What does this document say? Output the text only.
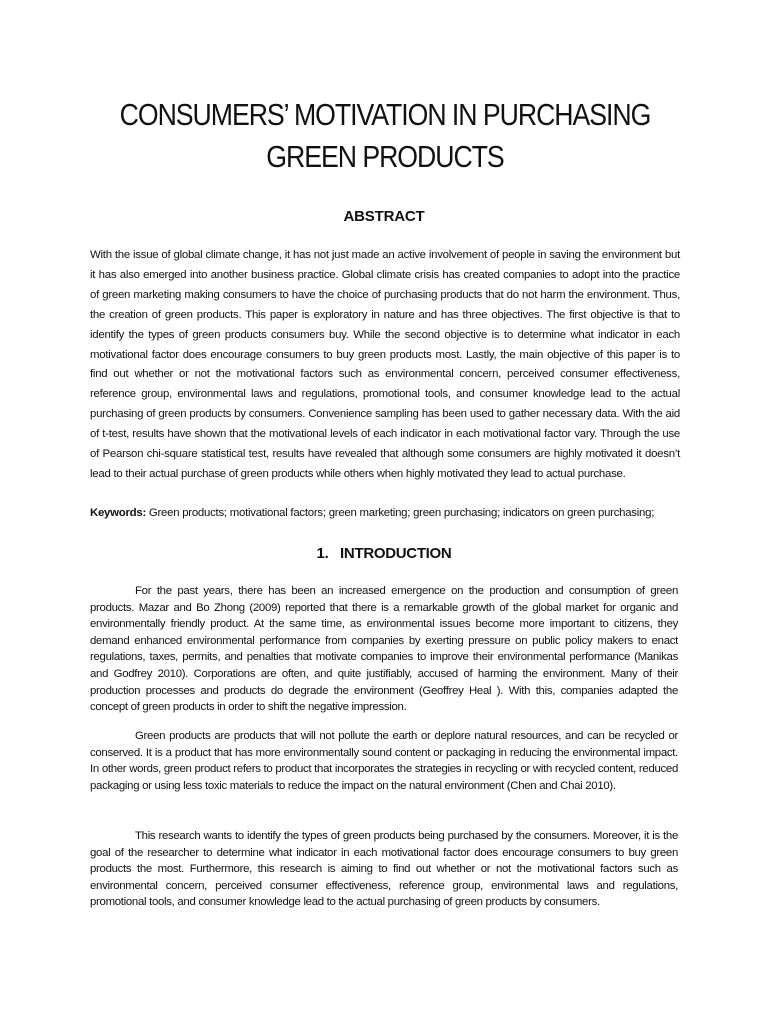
CONSUMERS’ MOTIVATION IN PURCHASING GREEN PRODUCTS
ABSTRACT
With the issue of global climate change, it has not just made an active involvement of people in saving the environment but it has also emerged into another business practice. Global climate crisis has created companies to adopt into the practice of green marketing making consumers to have the choice of purchasing products that do not harm the environment. Thus, the creation of green products. This paper is exploratory in nature and has three objectives. The first objective is that to identify the types of green products consumers buy. While the second objective is to determine what indicator in each motivational factor does encourage consumers to buy green products most. Lastly, the main objective of this paper is to find out whether or not the motivational factors such as environmental concern, perceived consumer effectiveness, reference group, environmental laws and regulations, promotional tools, and consumer knowledge lead to the actual purchasing of green products by consumers. Convenience sampling has been used to gather necessary data. With the aid of t-test, results have shown that the motivational levels of each indicator in each motivational factor vary. Through the use of Pearson chi-square statistical test, results have revealed that although some consumers are highly motivated it doesn’t lead to their actual purchase of green products while others when highly motivated they lead to actual purchase.
Keywords: Green products; motivational factors; green marketing; green purchasing; indicators on green purchasing;
1.   INTRODUCTION
For the past years, there has been an increased emergence on the production and consumption of green products. Mazar and Bo Zhong (2009) reported that there is a remarkable growth of the global market for organic and environmentally friendly product. At the same time, as environmental issues become more important to citizens, they demand enhanced environmental performance from companies by exerting pressure on public policy makers to enact regulations, taxes, permits, and penalties that motivate companies to improve their environmental performance (Manikas and Godfrey 2010). Corporations are often, and quite justifiably, accused of harming the environment. Many of their production processes and products do degrade the environment (Geoffrey Heal ). With this, companies adapted the concept of green products in order to shift the negative impression.
Green products are products that will not pollute the earth or deplore natural resources, and can be recycled or conserved. It is a product that has more environmentally sound content or packaging in reducing the environmental impact. In other words, green product refers to product that incorporates the strategies in recycling or with recycled content, reduced packaging or using less toxic materials to reduce the impact on the natural environment (Chen and Chai 2010).
This research wants to identify the types of green products being purchased by the consumers. Moreover, it is the goal of the researcher to determine what indicator in each motivational factor does encourage consumers to buy green products the most. Furthermore, this research is aiming to find out whether or not the motivational factors such as environmental concern, perceived consumer effectiveness, reference group, environmental laws and regulations, promotional tools, and consumer knowledge lead to the actual purchasing of green products by consumers.
